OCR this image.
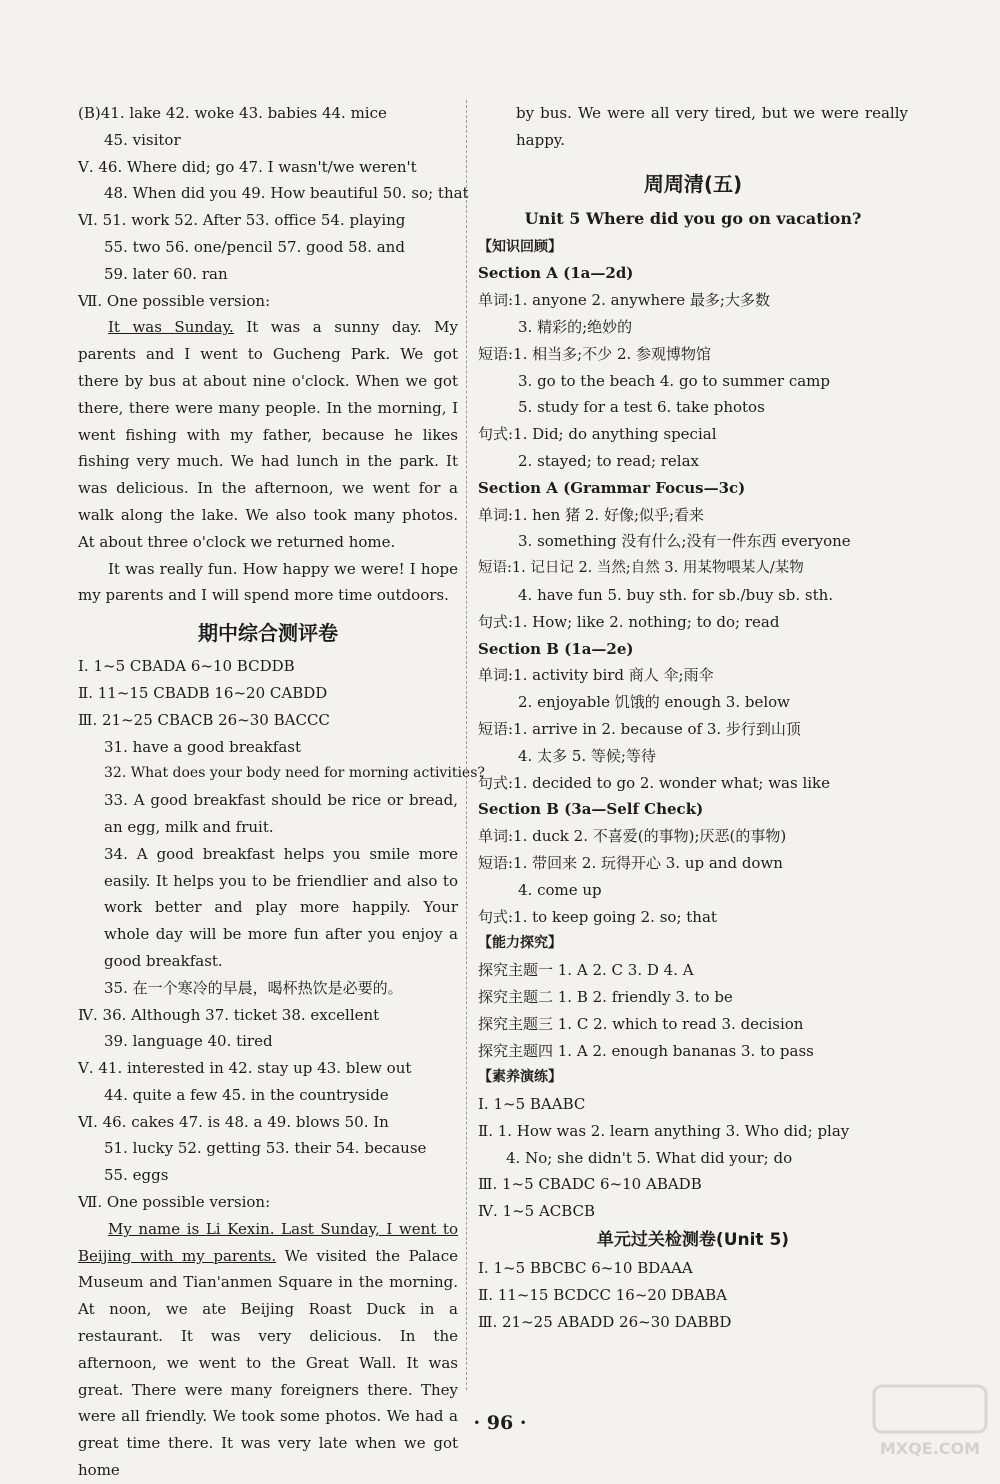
(B)41. lake 42. woke 43. babies 44. mice
45. visitor
Ⅴ. 46. Where did; go 47. I wasn't/we weren't
48. When did you 49. How beautiful 50. so; that
Ⅵ. 51. work 52. After 53. office 54. playing
55. two 56. one/pencil 57. good 58. and
59. later 60. ran
Ⅶ. One possible version:

It was Sunday. It was a sunny day. My parents and I went to Gucheng Park. We got there by bus at about nine o'clock. When we got there, there were many people. In the morning, I went fishing with my father, because he likes fishing very much. We had lunch in the park. It was delicious. In the afternoon, we went for a walk along the lake. We also took many photos. At about three o'clock we returned home.

It was really fun. How happy we were! I hope my parents and I will spend more time outdoors.

期中综合测评卷
Ⅰ. 1~5 CBADA 6~10 BCDDB
Ⅱ. 11~15 CBADB 16~20 CABDD
Ⅲ. 21~25 CBACB 26~30 BACCC
31. have a good breakfast
32. What does your body need for morning activities?

33. A good breakfast should be rice or bread, an egg, milk and fruit.

34. A good breakfast helps you smile more easily. It helps you to be friendlier and also to work better and play more happily. Your whole day will be more fun after you enjoy a good breakfast.

35. 在一个寒冷的早晨，喝杯热饮是必要的。
Ⅳ. 36. Although 37. ticket 38. excellent
39. language 40. tired
Ⅴ. 41. interested in 42. stay up 43. blew out
44. quite a few 45. in the countryside
Ⅵ. 46. cakes 47. is 48. a 49. blows 50. In
51. lucky 52. getting 53. their 54. because
55. eggs
Ⅶ. One possible version:

My name is Li Kexin. Last Sunday, I went to Beijing with my parents. We visited the Palace Museum and Tian'anmen Square in the morning. At noon, we ate Beijing Roast Duck in a restaurant. It was very delicious. In the afternoon, we went to the Great Wall. It was great. There were many foreigners there. They were all friendly. We took some photos. We had a great time there. It was very late when we got home

by bus. We were all very tired, but we were really happy.

周周清(五)
Unit 5 Where did you go on vacation?
【知识回顾】
Section A (1a—2d)
单词:1. anyone 2. anywhere 最多;大多数
3. 精彩的;绝妙的
短语:1. 相当多;不少 2. 参观博物馆
3. go to the beach 4. go to summer camp
5. study for a test 6. take photos
句式:1. Did; do anything special
2. stayed; to read; relax
Section A (Grammar Focus—3c)
单词:1. hen 猪 2. 好像;似乎;看来
3. something 没有什么;没有一件东西 everyone
短语:1. 记日记 2. 当然;自然 3. 用某物喂某人/某物
4. have fun 5. buy sth. for sb./buy sb. sth.
句式:1. How; like 2. nothing; to do; read
Section B (1a—2e)
单词:1. activity bird 商人 伞;雨伞
2. enjoyable 饥饿的 enough 3. below
短语:1. arrive in 2. because of 3. 步行到山顶
4. 太多 5. 等候;等待
句式:1. decided to go 2. wonder what; was like
Section B (3a—Self Check)
单词:1. duck 2. 不喜爱(的事物);厌恶(的事物)
短语:1. 带回来 2. 玩得开心 3. up and down
4. come up
句式:1. to keep going 2. so; that
【能力探究】
探究主题一 1. A 2. C 3. D 4. A
探究主题二 1. B 2. friendly 3. to be
探究主题三 1. C 2. which to read 3. decision
探究主题四 1. A 2. enough bananas 3. to pass
【素养演练】
Ⅰ. 1~5 BAABC
Ⅱ. 1. How was 2. learn anything 3. Who did; play
4. No; she didn't 5. What did your; do
Ⅲ. 1~5 CBADC 6~10 ABADB
Ⅳ. 1~5 ACBCB
单元过关检测卷(Unit 5)
Ⅰ. 1~5 BBCBC 6~10 BDAAA
Ⅱ. 11~15 BCDCC 16~20 DBABA
Ⅲ. 21~25 ABADD 26~30 DABBD
· 96 ·
MXQE.COM
